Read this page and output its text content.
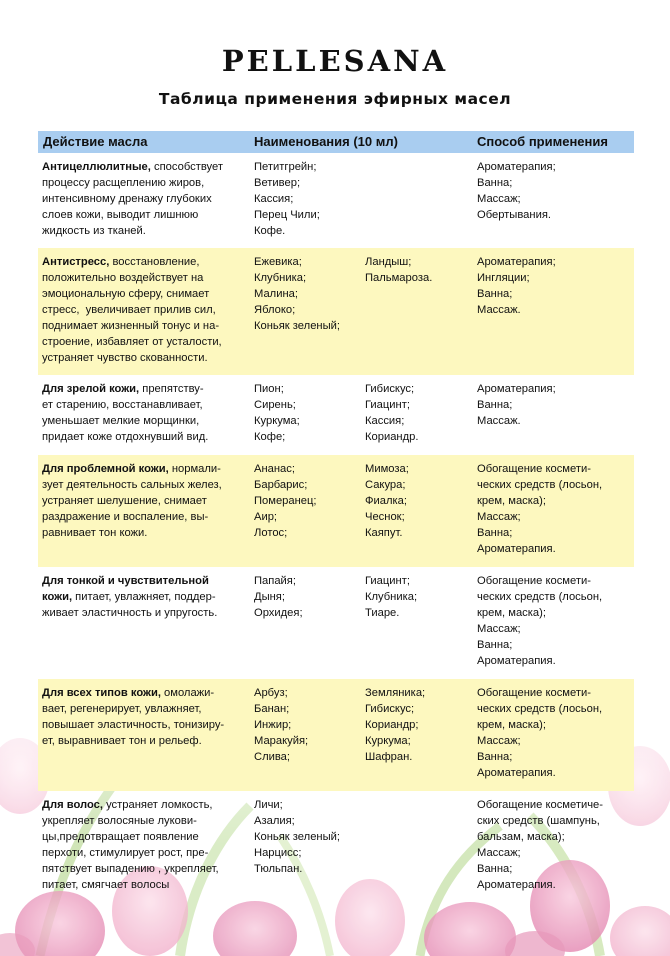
PELLESANA
Таблица применения эфирных масел
Действие масла	Наименования (10 мл)	Способ применения
Антицеллюлитные, способствует
процессу расщеплению жиров,
интенсивному дренажу глубоких
слоев кожи, выводит лишнюю
жидкость из тканей.
Петитгрейн;
Ветивер;
Кассия;
Перец Чили;
Кофе.
Ароматерапия;
Ванна;
Массаж;
Обертывания.
Антистресс, восстановление,
положительно воздействует на
эмоциональную сферу, снимает
стресс,  увеличивает прилив сил,
поднимает жизненный тонус и на-
строение, избавляет от усталости,
устраняет чувство скованности.
Ежевика;
Клубника;
Малина;
Яблоко;
Коньяк зеленый;
Ландыш;
Пальмароза.
Ароматерапия;
Ингляции;
Ванна;
Массаж.
Для зрелой кожи, препятству-
ет старению, восстанавливает,
уменьшает мелкие морщинки,
придает коже отдохнувший вид.
Пион;
Сирень;
Куркума;
Кофе;
Гибискус;
Гиацинт;
Кассия;
Кориандр.
Ароматерапия;
Ванна;
Массаж.
Для проблемной кожи, нормали-
зует деятельность сальных желез,
устраняет шелушение, снимает
раздражение и воспаление, вы-
равнивает тон кожи.
Ананас;
Барбарис;
Померанец;
Аир;
Лотос;
Мимоза;
Сакура;
Фиалка;
Чеснок;
Каяпут.
Обогащение космети-
ческих средств (лосьон,
крем, маска);
Массаж;
Ванна;
Ароматерапия.
Для тонкой и чувствительной
кожи, питает, увлажняет, поддер-
живает эластичность и упругость.
Папайя;
Дыня;
Орхидея;
Гиацинт;
Клубника;
Тиаре.
Обогащение космети-
ческих средств (лосьон,
крем, маска);
Массаж;
Ванна;
Ароматерапия.
Для всех типов кожи, омолажи-
вает, регенерирует, увлажняет,
повышает эластичность, тонизиру-
ет, выравнивает тон и рельеф.
Арбуз;
Банан;
Инжир;
Маракуйя;
Слива;
Земляника;
Гибискус;
Кориандр;
Куркума;
Шафран.
Обогащение космети-
ческих средств (лосьон,
крем, маска);
Массаж;
Ванна;
Ароматерапия.
Для волос, устраняет ломкость,
укрепляет волосяные лукови-
цы,предотвращает появление
перхоти, стимулирует рост, пре-
пятствует выпадению , укрепляет,
питает, смягчает волосы
Личи;
Азалия;
Коньяк зеленый;
Нарцисс;
Тюльпан.
Обогащение косметиче-
ских средств (шампунь,
бальзам, маска);
Массаж;
Ванна;
Ароматерапия.
